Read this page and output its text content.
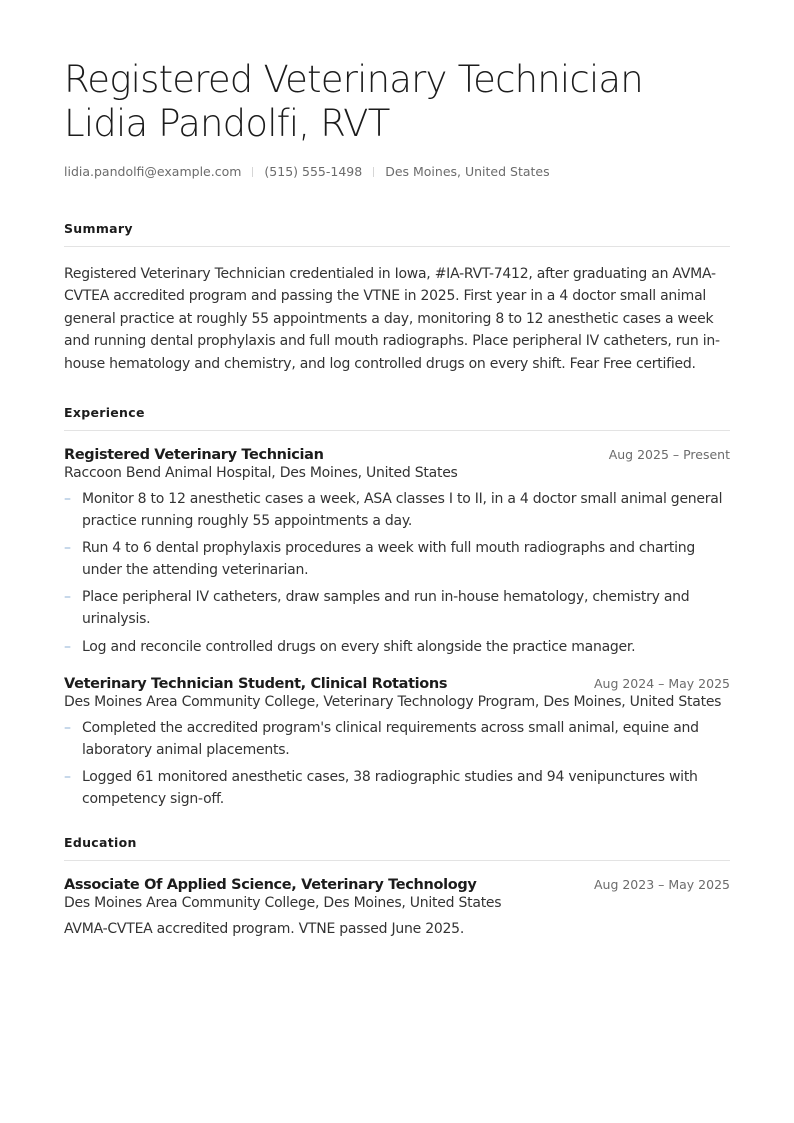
Registered Veterinary Technician
Lidia Pandolfi, RVT
lidia.pandolfi@example.com (515) 555-1498 Des Moines, United States
Summary
Registered Veterinary Technician credentialed in Iowa, #IA-RVT-7412, after graduating an AVMA-CVTEA accredited program and passing the VTNE in 2025. First year in a 4 doctor small animal general practice at roughly 55 appointments a day, monitoring 8 to 12 anesthetic cases a week and running dental prophylaxis and full mouth radiographs. Place peripheral IV catheters, run in-house hematology and chemistry, and log controlled drugs on every shift. Fear Free certified.
Experience
Registered Veterinary Technician	Aug 2025 – Present
Raccoon Bend Animal Hospital, Des Moines, United States
– Monitor 8 to 12 anesthetic cases a week, ASA classes I to II, in a 4 doctor small animal general practice running roughly 55 appointments a day.
– Run 4 to 6 dental prophylaxis procedures a week with full mouth radiographs and charting under the attending veterinarian.
– Place peripheral IV catheters, draw samples and run in-house hematology, chemistry and urinalysis.
– Log and reconcile controlled drugs on every shift alongside the practice manager.
Veterinary Technician Student, Clinical Rotations	Aug 2024 – May 2025
Des Moines Area Community College, Veterinary Technology Program, Des Moines, United States
– Completed the accredited program's clinical requirements across small animal, equine and laboratory animal placements.
– Logged 61 monitored anesthetic cases, 38 radiographic studies and 94 venipunctures with competency sign-off.
Education
Associate Of Applied Science, Veterinary Technology	Aug 2023 – May 2025
Des Moines Area Community College, Des Moines, United States
AVMA-CVTEA accredited program. VTNE passed June 2025.
